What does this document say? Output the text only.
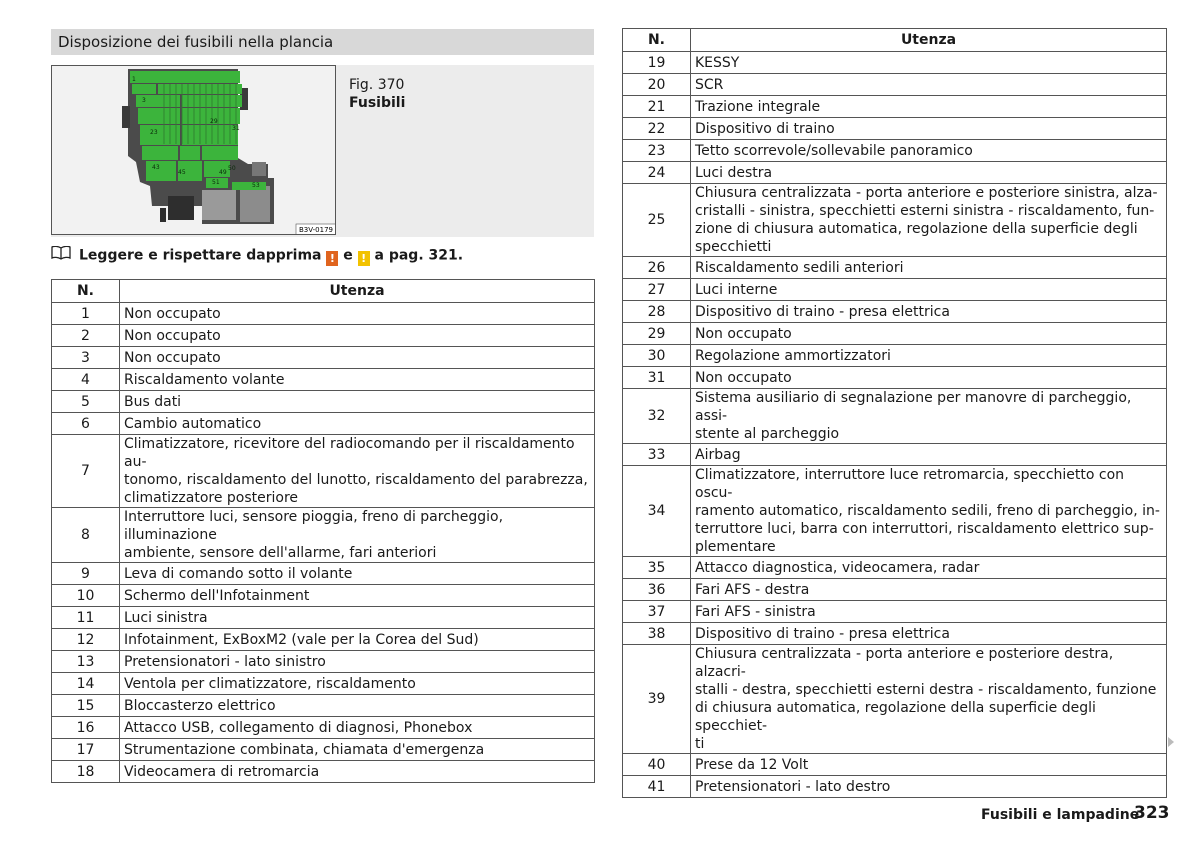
Disposizione dei fusibili nella plancia
1
3
23
29
31
43
45	49
50
51	53
B3V-0179
Fig. 370
Fusibili
Leggere e rispettare dapprima ! e ! a pag. 321.
N.	Utenza
1	Non occupato
2	Non occupato
3	Non occupato
4	Riscaldamento volante
5	Bus dati
6	Cambio automatico
7	Climatizzatore, ricevitore del radiocomando per il riscaldamento au-
tonomo, riscaldamento del lunotto, riscaldamento del parabrezza,
climatizzatore posteriore

8	Interruttore luci, sensore pioggia, freno di parcheggio, illuminazione
ambiente, sensore dell'allarme, fari anteriori

9	Leva di comando sotto il volante
10	Schermo dell'Infotainment
11	Luci sinistra
12	Infotainment, ExBoxM2 (vale per la Corea del Sud)
13	Pretensionatori - lato sinistro
14	Ventola per climatizzatore, riscaldamento
15	Bloccasterzo elettrico
16	Attacco USB, collegamento di diagnosi, Phonebox
17	Strumentazione combinata, chiamata d'emergenza
18	Videocamera di retromarcia
N.	Utenza
19	KESSY
20	SCR
21	Trazione integrale
22	Dispositivo di traino
23	Tetto scorrevole/sollevabile panoramico
24	Luci destra
25	Chiusura centralizzata - porta anteriore e posteriore sinistra, alza-
cristalli - sinistra, specchietti esterni sinistra - riscaldamento, fun-
zione di chiusura automatica, regolazione della superficie degli
specchietti

26	Riscaldamento sedili anteriori
27	Luci interne
28	Dispositivo di traino - presa elettrica
29	Non occupato
30	Regolazione ammortizzatori
31	Non occupato
32	Sistema ausiliario di segnalazione per manovre di parcheggio, assi-
stente al parcheggio

33	Airbag
34	Climatizzatore, interruttore luce retromarcia, specchietto con oscu-
ramento automatico, riscaldamento sedili, freno di parcheggio, in-
terruttore luci, barra con interruttori, riscaldamento elettrico sup-
plementare

35	Attacco diagnostica, videocamera, radar
36	Fari AFS - destra
37	Fari AFS - sinistra
38	Dispositivo di traino - presa elettrica
39	Chiusura centralizzata - porta anteriore e posteriore destra, alzacri-
stalli - destra, specchietti esterni destra - riscaldamento, funzione
di chiusura automatica, regolazione della superficie degli specchiet-
ti

40	Prese da 12 Volt
41	Pretensionatori - lato destro
Fusibili e lampadine
323
